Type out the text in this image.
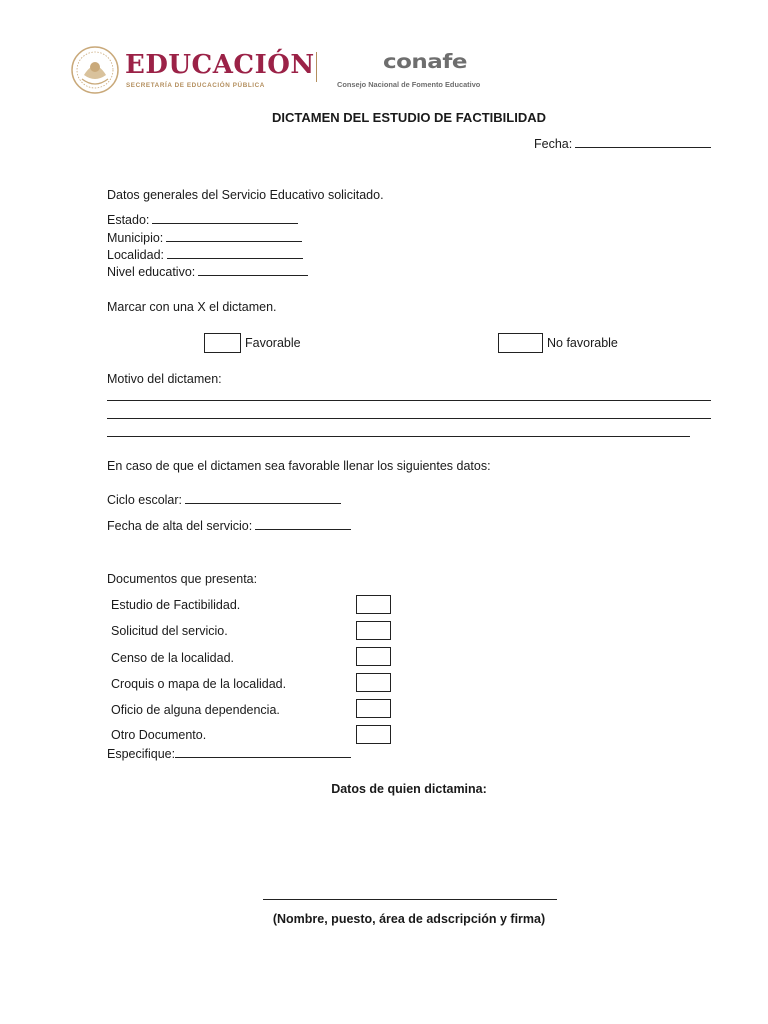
EDUCACIÓN
SECRETARÍA DE EDUCACIÓN PÚBLICA
conafe
Consejo Nacional de Fomento Educativo
DICTAMEN DEL ESTUDIO DE FACTIBILIDAD
Fecha:
Datos generales del Servicio Educativo solicitado.
Estado:
Municipio:
Localidad:
Nivel educativo:
Marcar con una X el dictamen.
Favorable	No favorable
Motivo del dictamen:
En caso de que el dictamen sea favorable llenar los siguientes datos:
Ciclo escolar:
Fecha de alta del servicio:
Documentos que presenta:
Estudio de Factibilidad.
Solicitud del servicio.
Censo de la localidad.
Croquis o mapa de la localidad.
Oficio de alguna dependencia.
Otro Documento.
Especifique:
Datos de quien dictamina:
(Nombre, puesto, área de adscripción y firma)
